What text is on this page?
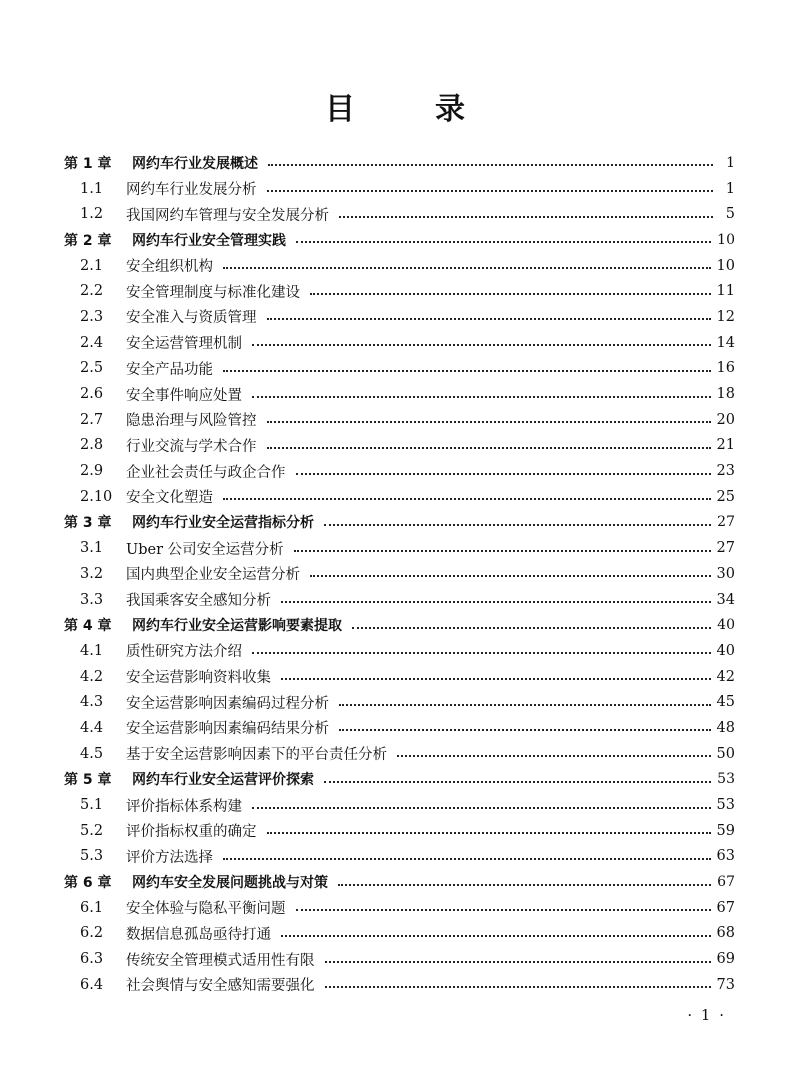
目	录
第 1 章	网约车行业发展概述	1
1.1	网约车行业发展分析	1
1.2	我国网约车管理与安全发展分析	5
第 2 章	网约车行业安全管理实践	10
2.1	安全组织机构	10
2.2	安全管理制度与标准化建设	11
2.3	安全准入与资质管理	12
2.4	安全运营管理机制	14
2.5	安全产品功能	16
2.6	安全事件响应处置	18
2.7	隐患治理与风险管控	20
2.8	行业交流与学术合作	21
2.9	企业社会责任与政企合作	23
2.10 安全文化塑造	25
第 3 章	网约车行业安全运营指标分析	27
3.1	Uber 公司安全运营分析	27
3.2	国内典型企业安全运营分析	30
3.3	我国乘客安全感知分析	34
第 4 章	网约车行业安全运营影响要素提取	40
4.1	质性研究方法介绍	40
4.2	安全运营影响资料收集	42
4.3	安全运营影响因素编码过程分析	45
4.4	安全运营影响因素编码结果分析	48
4.5	基于安全运营影响因素下的平台责任分析	50
第 5 章	网约车行业安全运营评价探索	53
5.1	评价指标体系构建	53
5.2	评价指标权重的确定	59
5.3	评价方法选择	63
第 6 章	网约车安全发展问题挑战与对策	67
6.1	安全体验与隐私平衡问题	67
6.2	数据信息孤岛亟待打通	68
6.3	传统安全管理模式适用性有限	69
6.4	社会舆情与安全感知需要强化	73
· 1 ·
